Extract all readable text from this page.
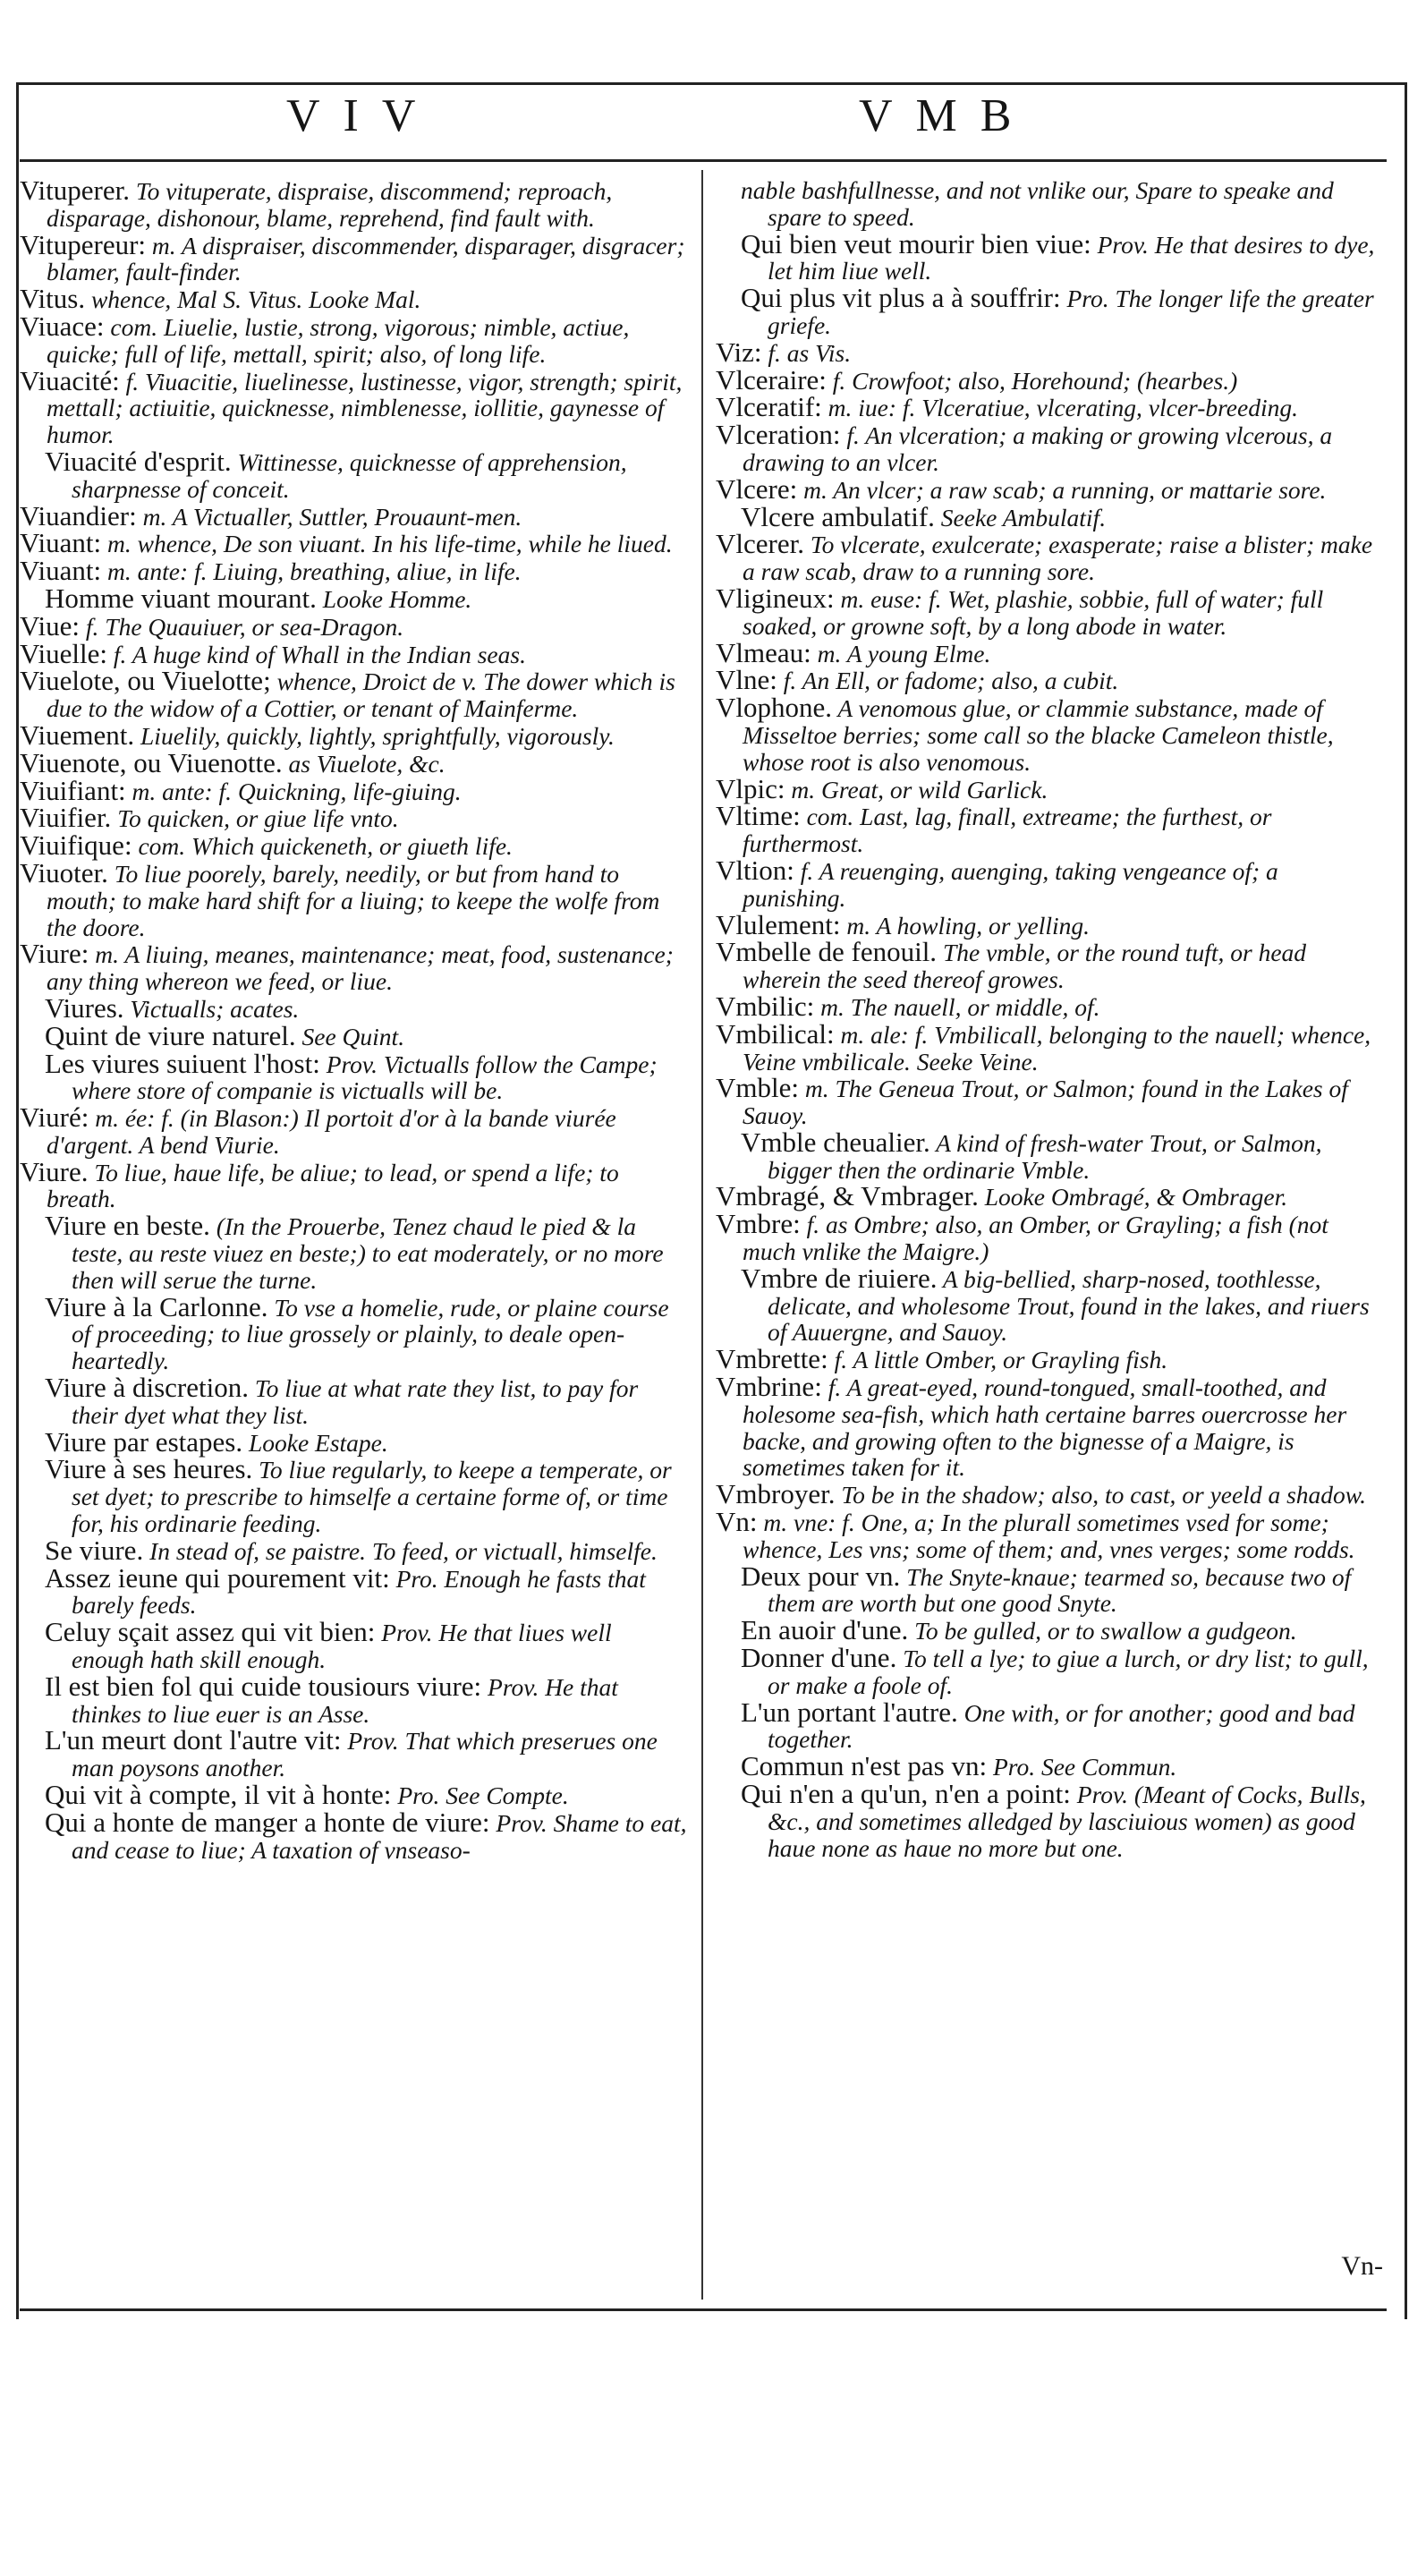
VIV	VMB

Vituperer. To vituperate, dispraise, discommend; reproach, disparage, dishonour, blame, reprehend, find fault with.

Vitupereur: m. A dispraiser, discommender, disparager, disgracer; blamer, fault-finder.

Vitus. whence, Mal S. Vitus. Looke Mal.

Viuace: com. Liuelie, lustie, strong, vigorous; nimble, actiue, quicke; full of life, mettall, spirit; also, of long life.

Viuacité: f. Viuacitie, liuelinesse, lustinesse, vigor, strength; spirit, mettall; actiuitie, quicknesse, nimblenesse, iollitie, gaynesse of humor.

Viuacité d'esprit. Wittinesse, quicknesse of apprehension, sharpnesse of conceit.

Viuandier: m. A Victualler, Suttler, Prouaunt-men.

Viuant: m. whence, De son viuant. In his life-time, while he liued.

Viuant: m. ante: f. Liuing, breathing, aliue, in life.

Homme viuant mourant. Looke Homme.

Viue: f. The Quauiuer, or sea-Dragon.

Viuelle: f. A huge kind of Whall in the Indian seas.

Viuelote, ou Viuelotte; whence, Droict de v. The dower which is due to the widow of a Cottier, or tenant of Mainferme.

Viuement. Liuelily, quickly, lightly, sprightfully, vigorously.

Viuenote, ou Viuenotte. as Viuelote, &c.

Viuifiant: m. ante: f. Quickning, life-giuing.

Viuifier. To quicken, or giue life vnto.

Viuifique: com. Which quickeneth, or giueth life.

Viuoter. To liue poorely, barely, needily, or but from hand to mouth; to make hard shift for a liuing; to keepe the wolfe from the doore.

Viure: m. A liuing, meanes, maintenance; meat, food, sustenance; any thing whereon we feed, or liue.

Viures. Victualls; acates.

Quint de viure naturel. See Quint.

Les viures suiuent l'host: Prov. Victualls follow the Campe; where store of companie is victualls will be.

Viuré: m. ée: f. (in Blason:) Il portoit d'or à la bande viurée d'argent. A bend Viurie.

Viure. To liue, haue life, be aliue; to lead, or spend a life; to breath.

Viure en beste. (In the Prouerbe, Tenez chaud le pied & la teste, au reste viuez en beste;) to eat moderately, or no more then will serue the turne.

Viure à la Carlonne. To vse a homelie, rude, or plaine course of proceeding; to liue grossely or plainly, to deale open-heartedly.

Viure à discretion. To liue at what rate they list, to pay for their dyet what they list.

Viure par estapes. Looke Estape.

Viure à ses heures. To liue regularly, to keepe a temperate, or set dyet; to prescribe to himselfe a certaine forme of, or time for, his ordinarie feeding.

Se viure. In stead of, se paistre. To feed, or victuall, himselfe.

Assez ieune qui pourement vit: Pro. Enough he fasts that barely feeds.

Celuy sçait assez qui vit bien: Prov. He that liues well enough hath skill enough.

Il est bien fol qui cuide tousiours viure: Prov. He that thinkes to liue euer is an Asse.

L'un meurt dont l'autre vit: Prov. That which preserues one man poysons another.

Qui vit à compte, il vit à honte: Pro. See Compte.

Qui a honte de manger a honte de viure: Prov. Shame to eat, and cease to liue; A taxation of vnseaso-

nable bashfullnesse, and not vnlike our, Spare to speake and spare to speed.

Qui bien veut mourir bien viue: Prov. He that desires to dye, let him liue well.

Qui plus vit plus a à souffrir: Pro. The longer life the greater griefe.

Viz: f. as Vis.

Vlceraire: f. Crowfoot; also, Horehound; (hearbes.)

Vlceratif: m. iue: f. Vlceratiue, vlcerating, vlcer-breeding.

Vlceration: f. An vlceration; a making or growing vlcerous, a drawing to an vlcer.

Vlcere: m. An vlcer; a raw scab; a running, or mattarie sore.

Vlcere ambulatif. Seeke Ambulatif.

Vlcerer. To vlcerate, exulcerate; exasperate; raise a blister; make a raw scab, draw to a running sore.

Vligineux: m. euse: f. Wet, plashie, sobbie, full of water; full soaked, or growne soft, by a long abode in water.

Vlmeau: m. A young Elme.

Vlne: f. An Ell, or fadome; also, a cubit.

Vlophone. A venomous glue, or clammie substance, made of Misseltoe berries; some call so the blacke Cameleon thistle, whose root is also venomous.

Vlpic: m. Great, or wild Garlick.

Vltime: com. Last, lag, finall, extreame; the furthest, or furthermost.

Vltion: f. A reuenging, auenging, taking vengeance of; a punishing.

Vlulement: m. A howling, or yelling.

Vmbelle de fenouil. The vmble, or the round tuft, or head wherein the seed thereof growes.

Vmbilic: m. The nauell, or middle, of.

Vmbilical: m. ale: f. Vmbilicall, belonging to the nauell; whence, Veine vmbilicale. Seeke Veine.

Vmble: m. The Geneua Trout, or Salmon; found in the Lakes of Sauoy.

Vmble cheualier. A kind of fresh-water Trout, or Salmon, bigger then the ordinarie Vmble.

Vmbragé, & Vmbrager. Looke Ombragé, & Ombrager.

Vmbre: f. as Ombre; also, an Omber, or Grayling; a fish (not much vnlike the Maigre.)

Vmbre de riuiere. A big-bellied, sharp-nosed, toothlesse, delicate, and wholesome Trout, found in the lakes, and riuers of Auuergne, and Sauoy.

Vmbrette: f. A little Omber, or Grayling fish.

Vmbrine: f. A great-eyed, round-tongued, small-toothed, and holesome sea-fish, which hath certaine barres ouercrosse her backe, and growing often to the bignesse of a Maigre, is sometimes taken for it.

Vmbroyer. To be in the shadow; also, to cast, or yeeld a shadow.

Vn: m. vne: f. One, a; In the plurall sometimes vsed for some; whence, Les vns; some of them; and, vnes verges; some rodds.

Deux pour vn. The Snyte-knaue; tearmed so, because two of them are worth but one good Snyte.

En auoir d'une. To be gulled, or to swallow a gudgeon.

Donner d'une. To tell a lye; to giue a lurch, or dry list; to gull, or make a foole of.

L'un portant l'autre. One with, or for another; good and bad together.

Commun n'est pas vn: Pro. See Commun.

Qui n'en a qu'un, n'en a point: Prov. (Meant of Cocks, Bulls, &c., and sometimes alledged by lasciuious women) as good haue none as haue no more but one.

Vn-
